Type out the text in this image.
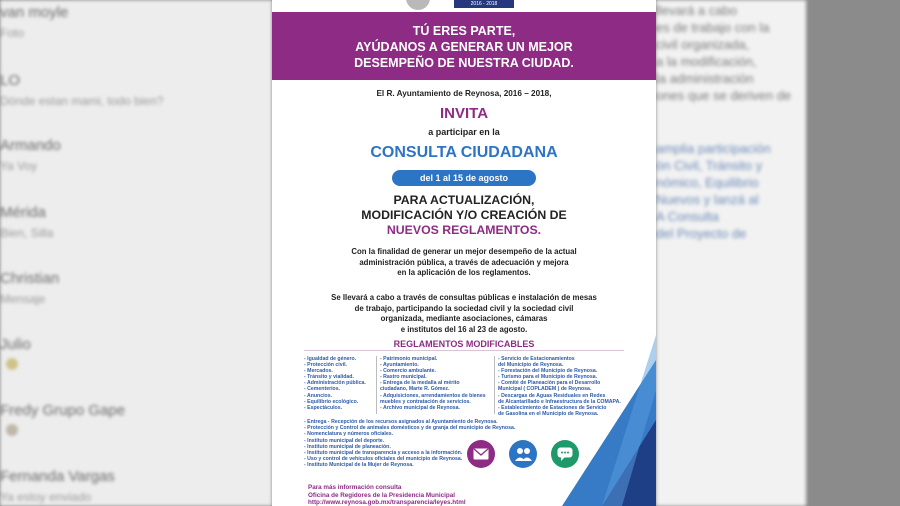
van moyle
Foto
LO
Dónde estan mami, todo bien?
Armando
Ya Voy
Mérida
Bien, Silla
Christian
Mensaje
Julio
Fredy Grupo Gape
Fernanda Vargas
Ya estoy enviado

llevará a cabo

es de trabajo con la

civil organizada,

a la modificación,

la administración

ones que se deriven de

amplia participación

ón Civil, Tránsito y

nómico, Equilibrio

Nuevos y lanzá al

A Consulta

del Proyecto de

2016 - 2018

TÚ ERES PARTE,

AYÚDANOS A GENERAR UN MEJOR

DESEMPEÑO DE NUESTRA CIUDAD.

El R. Ayuntamiento de Reynosa, 2016 – 2018,
INVITA
a participar en la
CONSULTA CIUDADANA
del 1 al 15 de agosto
PARA ACTUALIZACIÓN,
MODIFICACIÓN Y/O CREACIÓN DE
NUEVOS REGLAMENTOS.

Con la finalidad de generar un mejor desempeño de la actual

administración pública, a través de adecuación y mejora

en la aplicación de los reglamentos.

Se llevará a cabo a través de consultas públicas e instalación de mesas

de trabajo, participando la sociedad civil y la sociedad civil

organizada, mediante asociaciones, cámaras

e institutos del 16 al 23 de agosto.

REGLAMENTOS MODIFICABLES
- Igualdad de género.
- Protección civil.
- Mercados.
- Tránsito y vialidad.
- Administración pública.
- Cementerios.
- Anuncios.
- Equilibrio ecológico.
- Espectáculos.
- Patrimonio municipal.
- Ayuntamiento.
- Comercio ambulante.
- Rastro municipal.
- Entrega de la medalla al mérito
ciudadano, Marte R. Gómez.
- Adquisiciones, arrendamientos de bienes
muebles y contratación de servicios.
- Archivo municipal de Reynosa.
- Servicio de Estacionamientos
del Municipio de Reynosa.
- Forestación del Municipio de Reynosa.
- Turismo para el Municipio de Reynosa.
- Comité de Planeación para el Desarrollo
Municipal ( COPLADEM ) de Reynosa.
- Descargas de Aguas Residuales en Redes
de Alcantarillado e Infraestructura de la COMAPA.
- Establecimiento de Estaciones de Servicio
de Gasolina en el Municipio de Reynosa.
- Entrega - Recepción de los recursos asignados al Ayuntamiento de Reynosa.
- Protección y Control de animales domésticos y de granja del municipio de Reynosa.
- Nomenclatura y números oficiales.
- Instituto municipal del deporte.
- Instituto municipal de planeación.
- Instituto municipal de transparencia y acceso a la información.
- Uso y control de vehículos oficiales del municipio de Reynosa.
- Instituto Municipal de la Mujer de Reynosa.
Para más información consulta
Oficina de Regidores de la Presidencia Municipal
http://www.reynosa.gob.mx/transparencia/leyes.html
